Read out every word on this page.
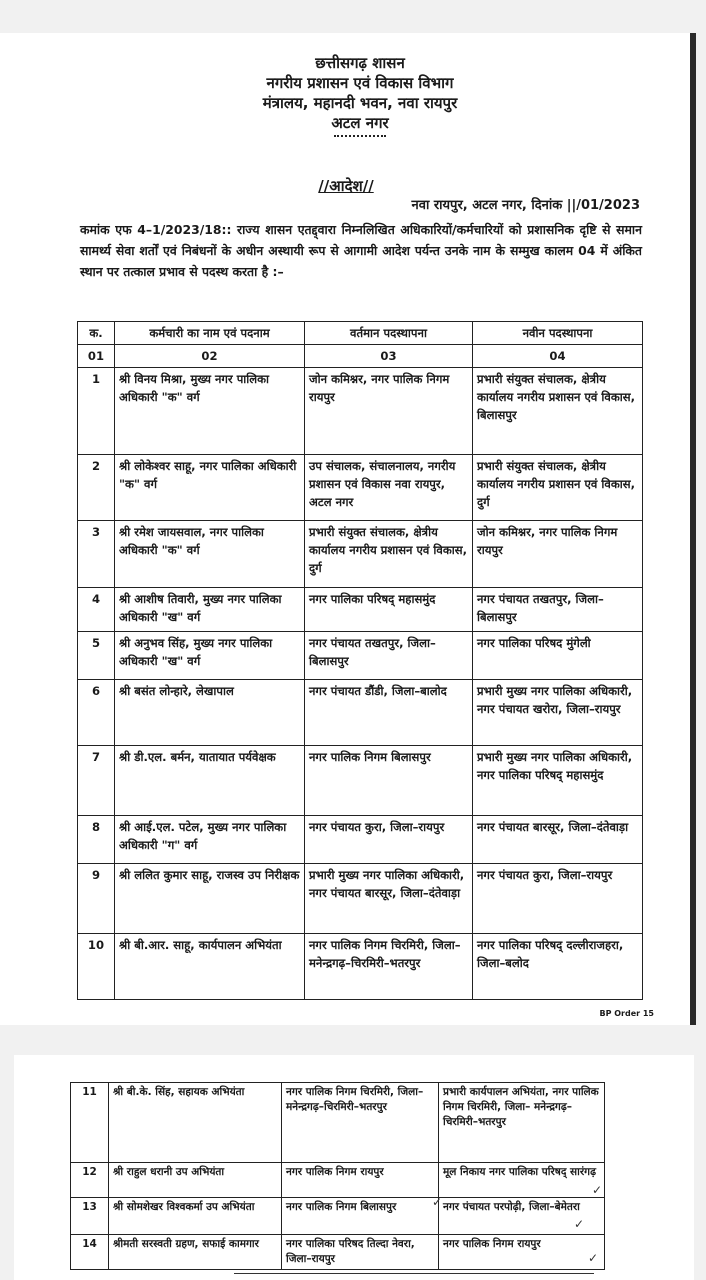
छत्तीसगढ़ शासन
नगरीय प्रशासन एवं विकास विभाग
मंत्रालय, महानदी भवन, नवा रायपुर
अटल नगर
//आदेश//
नवा रायपुर, अटल नगर, दिनांक ||/01/2023
कमांक एफ 4–1/2023/18:: राज्य शासन एतद्द्वारा निम्नलिखित अधिकारियों/कर्मचारियों को प्रशासनिक दृष्टि से समान सामर्थ्य सेवा शर्तों एवं निबंधनों के अधीन अस्थायी रूप से आगामी आदेश पर्यन्त उनके नाम के सम्मुख कालम 04 में अंकित स्थान पर तत्काल प्रभाव से पदस्थ करता है :–
क.	कर्मचारी का नाम एवं पदनाम	वर्तमान पदस्थापना	नवीन पदस्थापना
01	02	03	04
1	श्री विनय मिश्रा, मुख्य नगर पालिका अधिकारी "क" वर्ग	जोन कमिश्नर, नगर पालिक निगम रायपुर	प्रभारी संयुक्त संचालक, क्षेत्रीय कार्यालय नगरीय प्रशासन एवं विकास, बिलासपुर
2	श्री लोकेश्वर साहू, नगर पालिका अधिकारी "क" वर्ग	उप संचालक, संचालनालय, नगरीय प्रशासन एवं विकास नवा रायपुर, अटल नगर	प्रभारी संयुक्त संचालक, क्षेत्रीय कार्यालय नगरीय प्रशासन एवं विकास, दुर्ग
3	श्री रमेश जायसवाल, नगर पालिका अधिकारी "क" वर्ग	प्रभारी संयुक्त संचालक, क्षेत्रीय कार्यालय नगरीय प्रशासन एवं विकास, दुर्ग	जोन कमिश्नर, नगर पालिक निगम रायपुर
4	श्री आशीष तिवारी, मुख्य नगर पालिका अधिकारी "ख" वर्ग	नगर पालिका परिषद् महासमुंद	नगर पंचायत तखतपुर, जिला–बिलासपुर
5	श्री अनुभव सिंह, मुख्य नगर पालिका अधिकारी "ख" वर्ग	नगर पंचायत तखतपुर, जिला–बिलासपुर	नगर पालिका परिषद मुंगेली
6	श्री बसंत लोन्हारे, लेखापाल	नगर पंचायत डौंडी, जिला–बालोद	प्रभारी मुख्य नगर पालिका अधिकारी, नगर पंचायत खरोरा, जिला–रायपुर
7	श्री डी.एल. बर्मन, यातायात पर्यवेक्षक	नगर पालिक निगम बिलासपुर	प्रभारी मुख्य नगर पालिका अधिकारी, नगर पालिका परिषद् महासमुंद
8	श्री आई.एल. पटेल, मुख्य नगर पालिका अधिकारी "ग" वर्ग	नगर पंचायत कुरा, जिला–रायपुर	नगर पंचायत बारसूर, जिला–दंतेवाड़ा
9	श्री ललित कुमार साहू, राजस्व उप निरीक्षक	प्रभारी मुख्य नगर पालिका अधिकारी, नगर पंचायत बारसूर, जिला–दंतेवाड़ा	नगर पंचायत कुरा, जिला–रायपुर
10	श्री बी.आर. साहू, कार्यपालन अभियंता	नगर पालिक निगम चिरमिरी, जिला–मनेन्द्रगढ़–चिरमिरी–भतरपुर	नगर पालिका परिषद् दल्लीराजहरा, जिला–बलोद
BP Order 15
11	श्री बी.के. सिंह, सहायक अभियंता	नगर पालिक निगम चिरमिरी, जिला–मनेन्द्रगढ़–चिरमिरी–भतरपुर	प्रभारी कार्यपालन अभियंता, नगर पालिक निगम चिरमिरी, जिला– मनेन्द्रगढ़–चिरमिरी–भतरपुर
12	श्री राहुल धरानी उप अभियंता	नगर पालिक निगम रायपुर	मूल निकाय नगर पालिका परिषद् सारंगढ़
13	श्री सोमशेखर विश्वकर्मा उप अभियंता	नगर पालिक निगम बिलासपुर	नगर पंचायत परपोढ़ी, जिला–बेमेतरा
14	श्रीमती सरस्वती ग्रहण, सफाई कामगार	नगर पालिका परिषद तिल्दा नेवरा, जिला–रायपुर	नगर पालिक निगम रायपुर
✓
✓
✓
✓
